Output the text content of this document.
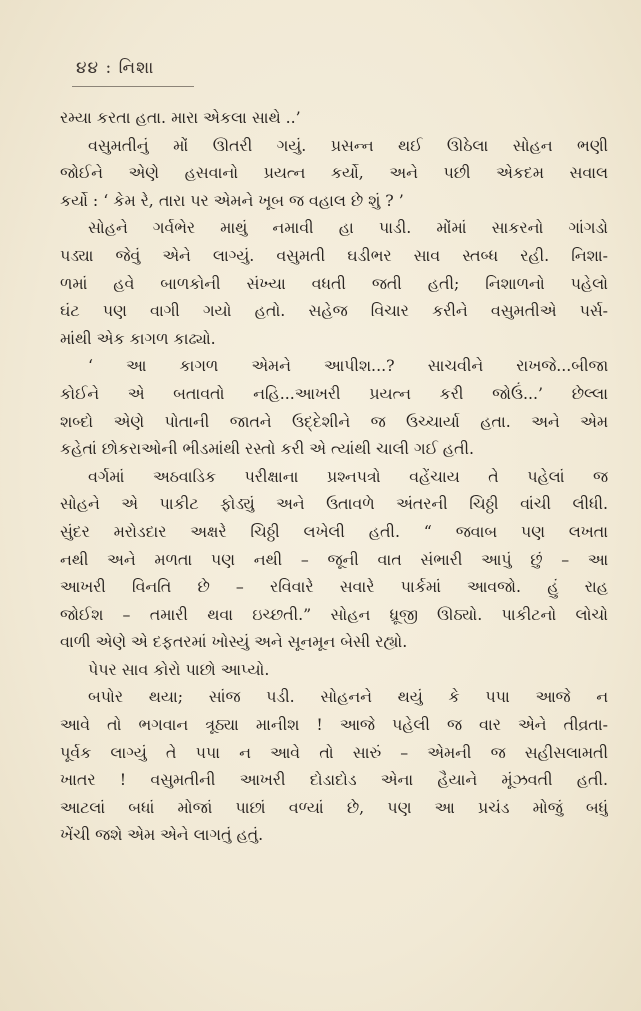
૪૪ : નિશા
રમ્યા કરતા હતા. મારા એકલા સાથે ..’
વસુમતીનું મોં ઊતરી ગયું. પ્રસન્ન થઈ ઊઠેલા સોહન ભણી
જોઈને એણે હસવાનો પ્રયત્ન કર્યો, અને પછી એકદમ સવાલ
કર્યો : ‘ કેમ રે, તારા પર એમને ખૂબ જ વહાલ છે શું ? ’
સોહને ગર્વભેર માથું નમાવી હા પાડી. મોંમાં સાકરનો ગાંગડો
પડ્યા જેવું એને લાગ્યું. વસુમતી ઘડીભર સાવ સ્તબ્ધ રહી. નિશા-
ળમાં હવે બાળકોની સંખ્યા વધતી જતી હતી; નિશાળનો પહેલો
ઘંટ પણ વાગી ગયો હતો. સહેજ વિચાર કરીને વસુમતીએ પર્સ-
માંથી એક કાગળ કાઢ્યો.
‘ આ કાગળ એમને આપીશ...? સાચવીને રાખજે...બીજા
કોઈને એ બતાવતો નહિ...આખરી પ્રયત્ન કરી જોઉં...’ છેલ્લા
શબ્દો એણે પોતાની જાતને ઉદ્દેશીને જ ઉચ્ચાર્યા હતા. અને એમ
કહેતાં છોકરાઓની ભીડમાંથી રસ્તો કરી એ ત્યાંથી ચાલી ગઈ હતી.
વર્ગમાં અઠવાડિક પરીક્ષાના પ્રશ્નપત્રો વહેંચાય તે પહેલાં જ
સોહને એ પાકીટ ફોડ્યું અને ઉતાવળે અંતરની ચિઠ્ઠી વાંચી લીધી.
સુંદર મરોડદાર અક્ષરે ચિઠ્ઠી લખેલી હતી. “ જવાબ પણ લખતા
નથી અને મળતા પણ નથી – જૂની વાત સંભારી આપું છું – આ
આખરી વિનતિ છે – રવિવારે સવારે પાર્કમાં આવજો. હું રાહ
જોઈશ – તમારી થવા ઇચ્છતી.” સોહન ધ્રૂજી ઊઠ્યો. પાકીટનો લોચો
વાળી એણે એ દફતરમાં ખોસ્યું અને સૂનમૂન બેસી રહ્યો.
પેપર સાવ કોરો પાછો આપ્યો.
બપોર થયા; સાંજ પડી. સોહનને થયું કે પપા આજે ન
આવે તો ભગવાન ત્રૂઠ્યા માનીશ ! આજે પહેલી જ વાર એને તીવ્રતા-
પૂર્વક લાગ્યું તે પપા ન આવે તો સારું – એમની જ સહીસલામતી
ખાતર ! વસુમતીની આખરી દોડાદોડ એના હૈયાને મૂંઝવતી હતી.
આટલાં બધાં મોજાં પાછાં વળ્યાં છે, પણ આ પ્રચંડ મોજું બધું
ખેંચી જશે એમ એને લાગતું હતું.
